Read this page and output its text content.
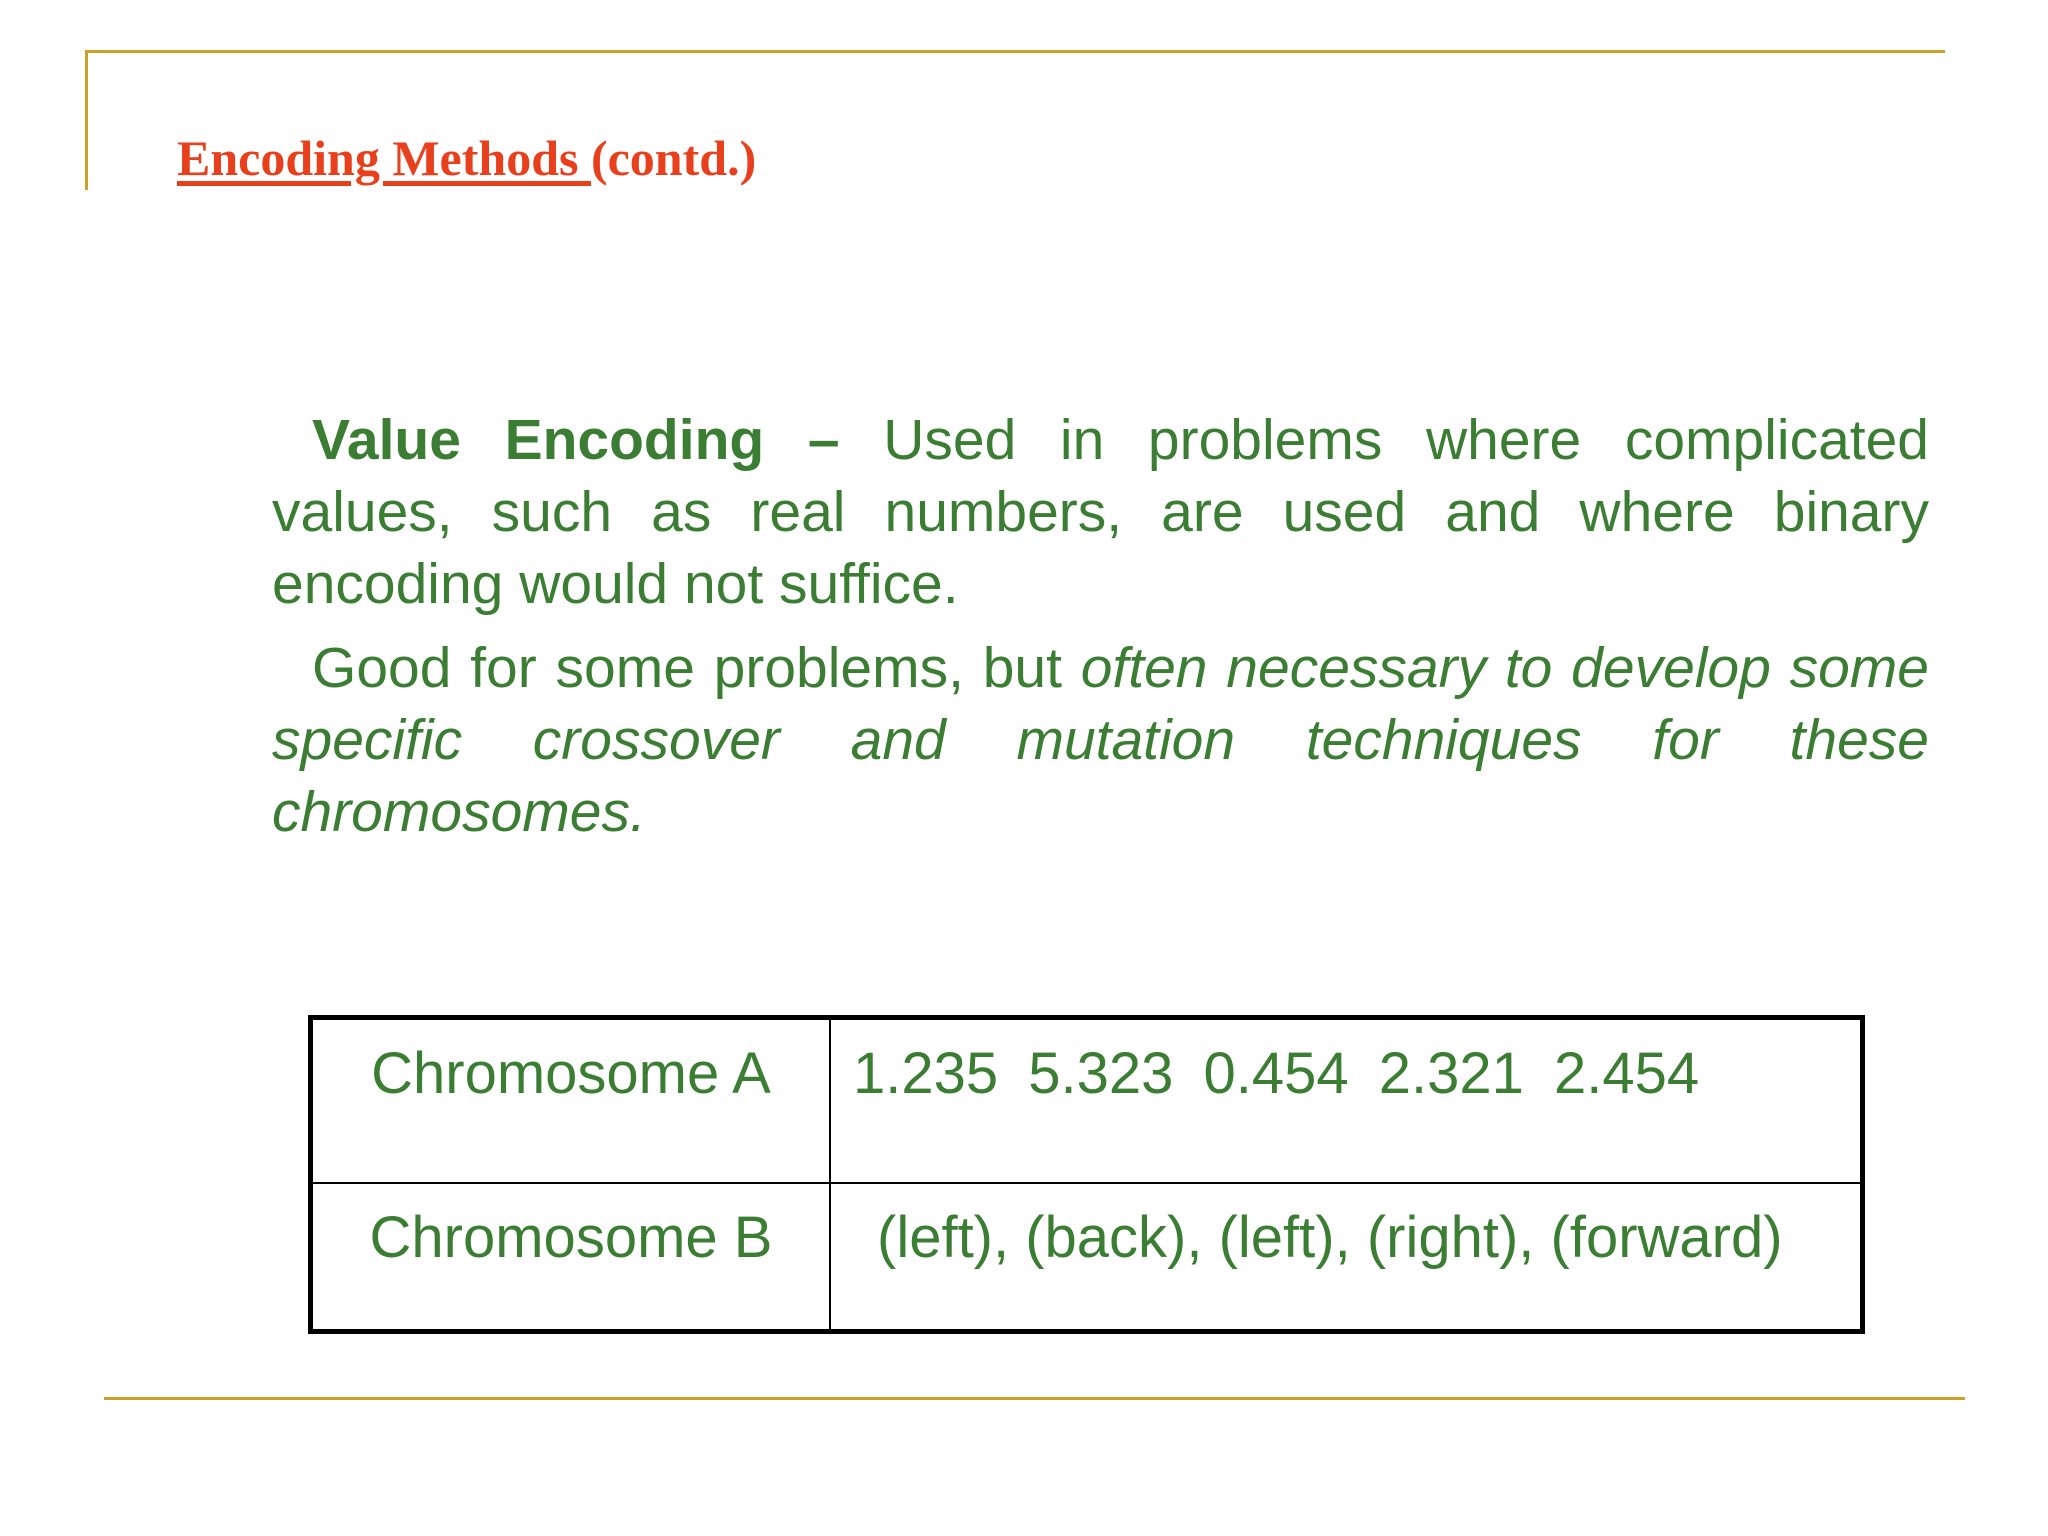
Encoding Methods (contd.)

Value Encoding – Used in problems where complicated values, such as real numbers, are used and where binary encoding would not suffice.

Good for some problems, but often necessary to develop some specific crossover and mutation techniques for these chromosomes.

Chromosome A	1.235 5.323 0.454 2.321 2.454
Chromosome B	(left), (back), (left), (right), (forward)
